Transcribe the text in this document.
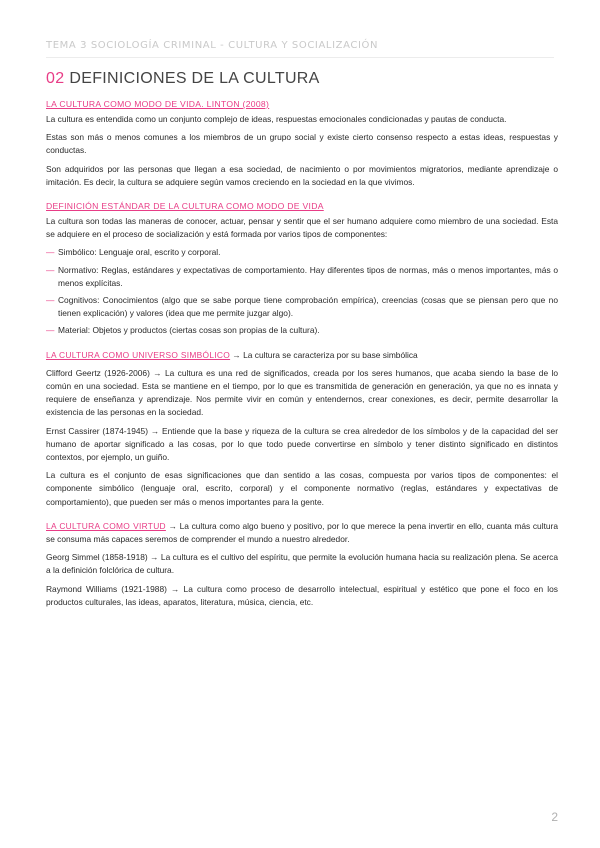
TEMA 3 SOCIOLOGÍA CRIMINAL - CULTURA Y SOCIALIZACIÓN
02 DEFINICIONES DE LA CULTURA
LA CULTURA COMO MODO DE VIDA. LINTON (2008)

La cultura es entendida como un conjunto complejo de ideas, respuestas emocionales condicionadas y pautas de conducta.

Estas son más o menos comunes a los miembros de un grupo social y existe cierto consenso respecto a estas ideas, respuestas y conductas.

Son adquiridos por las personas que llegan a esa sociedad, de nacimiento o por movimientos migratorios, mediante aprendizaje o imitación. Es decir, la cultura se adquiere según vamos creciendo en la sociedad en la que vivimos.

DEFINICIÓN ESTÁNDAR DE LA CULTURA COMO MODO DE VIDA

La cultura son todas las maneras de conocer, actuar, pensar y sentir que el ser humano adquiere como miembro de una sociedad. Esta se adquiere en el proceso de socialización y está formada por varios tipos de componentes:

— Simbólico: Lenguaje oral, escrito y corporal.
— Normativo: Reglas, estándares y expectativas de comportamiento. Hay diferentes tipos de normas, más o menos importantes, más o menos explícitas.
— Cognitivos: Conocimientos (algo que se sabe porque tiene comprobación empírica), creencias (cosas que se piensan pero que no tienen explicación) y valores (idea que me permite juzgar algo).
— Material: Objetos y productos (ciertas cosas son propias de la cultura).

LA CULTURA COMO UNIVERSO SIMBÓLICO → La cultura se caracteriza por su base simbólica

Clifford Geertz (1926-2006) → La cultura es una red de significados, creada por los seres humanos, que acaba siendo la base de lo común en una sociedad. Esta se mantiene en el tiempo, por lo que es transmitida de generación en generación, ya que no es innata y requiere de enseñanza y aprendizaje. Nos permite vivir en común y entendernos, crear conexiones, es decir, permite desarrollar la existencia de las personas en la sociedad.

Ernst Cassirer (1874-1945) → Entiende que la base y riqueza de la cultura se crea alrededor de los símbolos y de la capacidad del ser humano de aportar significado a las cosas, por lo que todo puede convertirse en símbolo y tener distinto significado en distintos contextos, por ejemplo, un guiño.

La cultura es el conjunto de esas significaciones que dan sentido a las cosas, compuesta por varios tipos de componentes: el componente simbólico (lenguaje oral, escrito, corporal) y el componente normativo (reglas, estándares y expectativas de comportamiento), que pueden ser más o menos importantes para la gente.

LA CULTURA COMO VIRTUD → La cultura como algo bueno y positivo, por lo que merece la pena invertir en ello, cuanta más cultura se consuma más capaces seremos de comprender el mundo a nuestro alrededor.

Georg Simmel (1858-1918) → La cultura es el cultivo del espíritu, que permite la evolución humana hacia su realización plena. Se acerca a la definición folclórica de cultura.

Raymond Williams (1921-1988) → La cultura como proceso de desarrollo intelectual, espiritual y estético que pone el foco en los productos culturales, las ideas, aparatos, literatura, música, ciencia, etc.

2
